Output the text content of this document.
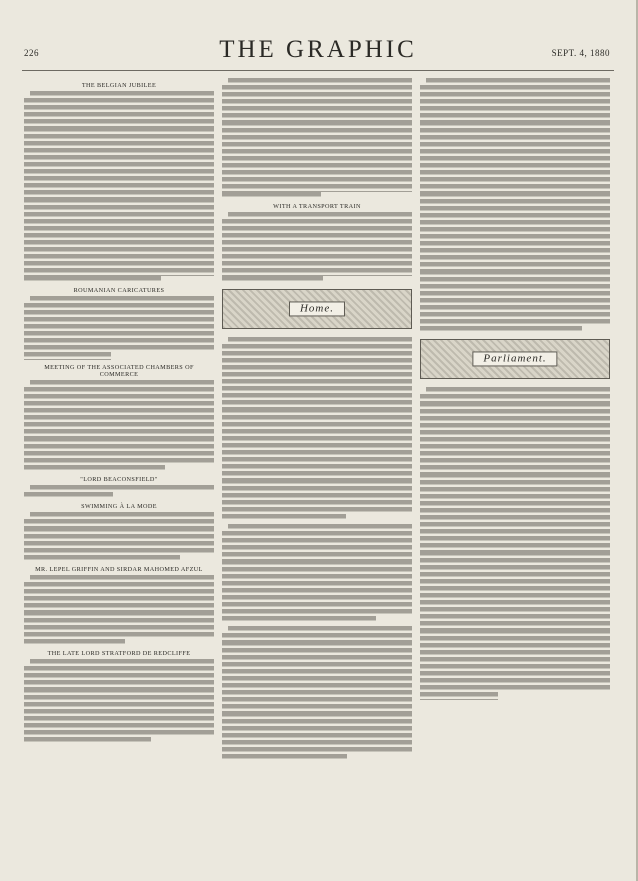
226	THE GRAPHIC	SEPT. 4, 1880
THE BELGIAN JUBILEE
ROUMANIAN CARICATURES
MEETING OF THE ASSOCIATED CHAMBERS OF COMMERCE
"LORD BEACONSFIELD"
SWIMMING À LA MODE
MR. LEPEL GRIFFIN AND SIRDAR MAHOMED AFZUL
THE LATE LORD STRATFORD DE REDCLIFFE
WITH A TRANSPORT TRAIN
Home.
Parliament.
